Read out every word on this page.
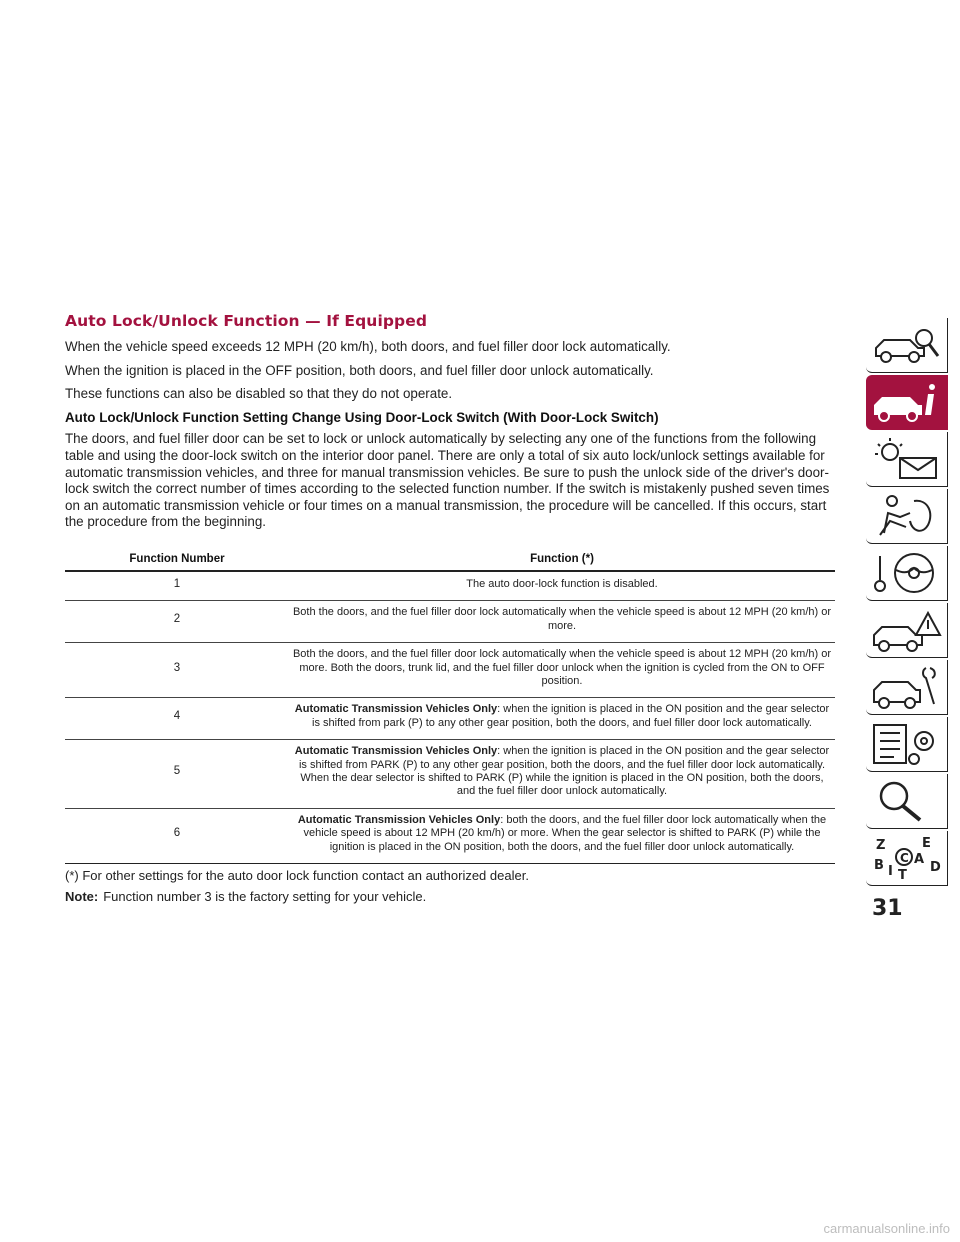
Auto Lock/Unlock Function — If Equipped

When the vehicle speed exceeds 12 MPH (20 km/h), both doors, and fuel filler door lock automatically.

When the ignition is placed in the OFF position, both doors, and fuel filler door unlock automatically.

These functions can also be disabled so that they do not operate.

Auto Lock/Unlock Function Setting Change Using Door-Lock Switch (With Door-Lock Switch)

The doors, and fuel filler door can be set to lock or unlock automatically by selecting any one of the functions from the following table and using the door-lock switch on the interior door panel. There are only a total of six auto lock/unlock settings available for automatic transmission vehicles, and three for manual transmission vehicles. Be sure to push the unlock side of the driver's door-lock switch the correct number of times according to the selected function number. If the switch is mistakenly pushed seven times on an automatic transmission vehicle or four times on a manual transmission, the procedure will be cancelled. If this occurs, start the procedure from the beginning.

Function Number	Function (*)
1	The auto door-lock function is disabled.
2	Both the doors, and the fuel filler door lock automatically when the vehicle speed is about 12 MPH (20 km/h) or more.
3	Both the doors, and the fuel filler door lock automatically when the vehicle speed is about 12 MPH (20 km/h) or more. Both the doors, trunk lid, and the fuel filler door unlock when the ignition is cycled from the ON to OFF position.
4	Automatic Transmission Vehicles Only: when the ignition is placed in the ON position and the gear selector is shifted from park (P) to any other gear position, both the doors, and fuel filler door lock automatically.
5	Automatic Transmission Vehicles Only: when the ignition is placed in the ON position and the gear selector is shifted from PARK (P) to any other gear position, both the doors, and the fuel filler door lock automatically. When the dear selector is shifted to PARK (P) while the ignition is placed in the ON position, both the doors, and the fuel filler door unlock automatically.
6	Automatic Transmission Vehicles Only: both the doors, and the fuel filler door lock automatically when the vehicle speed is about 12 MPH (20 km/h) or more. When the gear selector is shifted to PARK (P) while the ignition is placed in the ON position, both the doors, and the fuel filler door unlock automatically.

(*) For other settings for the auto door lock function contact an authorized dealer.

Note: Function number 3 is the factory setting for your vehicle.

Z	E
A
B C
D
T
I

31

carmanualsonline.info
